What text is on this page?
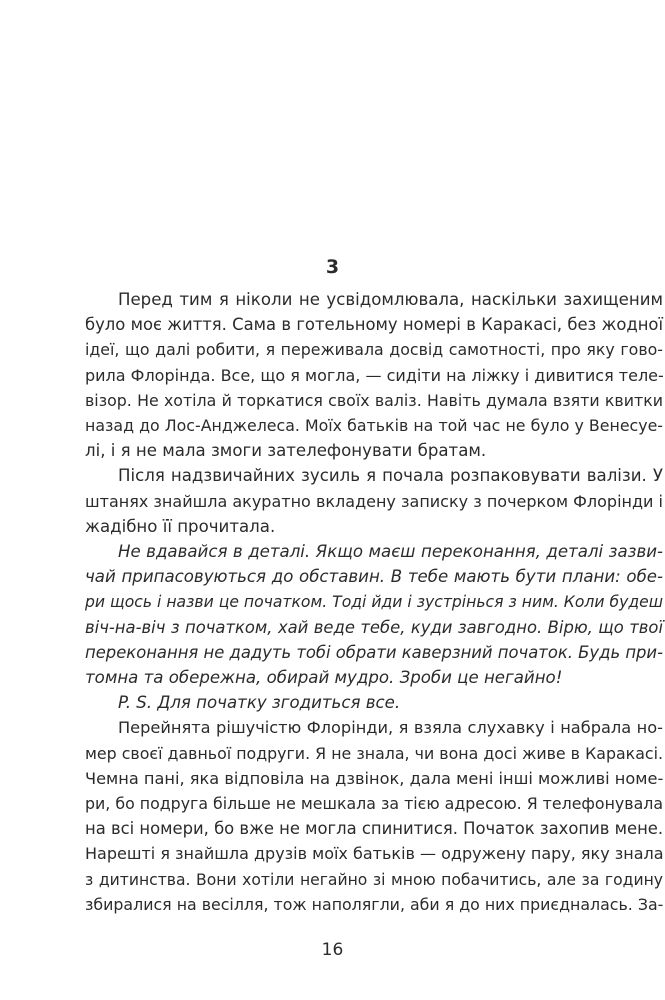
3
Перед тим я ніколи не усвідомлювала, наскільки захищеним
було моє життя. Сама в готельному номері в Каракасі, без жодної
ідеї, що далі робити, я переживала досвід самотності, про яку гово-
рила Флорінда. Все, що я могла, — сидіти на ліжку і дивитися теле-
візор. Не хотіла й торкатися своїх валіз. Навіть думала взяти квитки
назад до Лос-Анджелеса. Моїх батьків на той час не було у Венесуе-
лі, і я не мала змоги зателефонувати братам.
Після надзвичайних зусиль я почала розпаковувати валізи. У
штанях знайшла акуратно вкладену записку з почерком Флорінди і
жадібно її прочитала.
Не вдавайся в деталі. Якщо маєш переконання, деталі зазви-
чай припасовуються до обставин. В тебе мають бути плани: обе-
ри щось і назви це початком. Тоді йди і зустрінься з ним. Коли будеш
віч-на-віч з початком, хай веде тебе, куди завгодно. Вірю, що твої
переконання не дадуть тобі обрати каверзний початок. Будь при-
томна та обережна, обирай мудро. Зроби це негайно!
P. S. Для початку згодиться все.
Перейнята рішучістю Флорінди, я взяла слухавку і набрала но-
мер своєї давньої подруги. Я не знала, чи вона досі живе в Каракасі.
Чемна пані, яка відповіла на дзвінок, дала мені інші можливі номе-
ри, бо подруга більше не мешкала за тією адресою. Я телефонувала
на всі номери, бо вже не могла спинитися. Початок захопив мене.
Нарешті я знайшла друзів моїх батьків — одружену пару, яку знала
з дитинства. Вони хотіли негайно зі мною побачитись, але за годину
збиралися на весілля, тож наполягли, аби я до них приєдналась. За-
16
